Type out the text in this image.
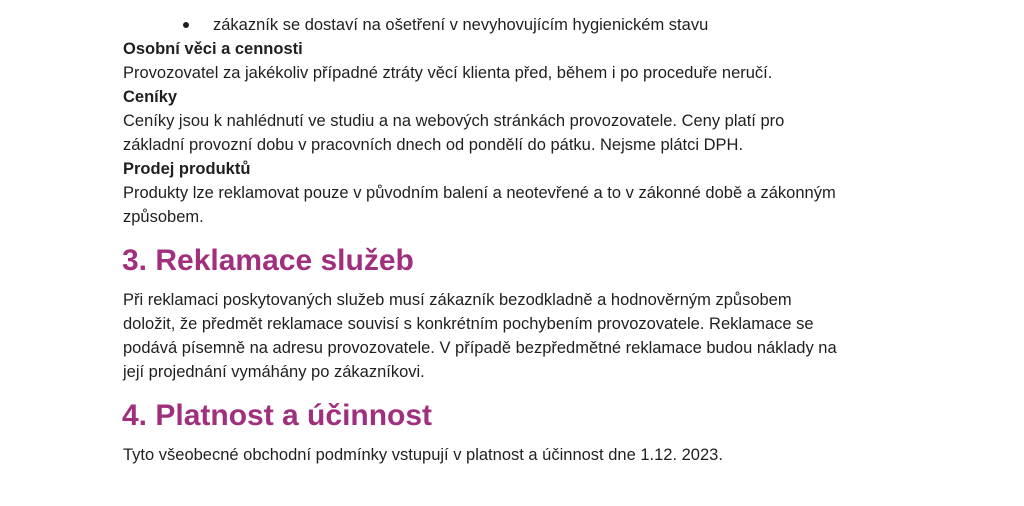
zákazník se dostaví na ošetření v nevyhovujícím hygienickém stavu
Osobní věci a cennosti
Provozovatel za jakékoliv případné ztráty věcí klienta před, během i po proceduře neručí.
Ceníky
Ceníky jsou k nahlédnutí ve studiu a na webových stránkách provozovatele. Ceny platí pro
základní provozní dobu v pracovních dnech od pondělí do pátku. Nejsme plátci DPH.
Prodej produktů
Produkty lze reklamovat pouze v původním balení a neotevřené a to v zákonné době a zákonným
způsobem.
3. Reklamace služeb
Při reklamaci poskytovaných služeb musí zákazník bezodkladně a hodnověrným způsobem
doložit, že předmět reklamace souvisí s konkrétním pochybením provozovatele. Reklamace se
podává písemně na adresu provozovatele. V případě bezpředmětné reklamace budou náklady na
její projednání vymáhány po zákazníkovi.
4. Platnost a účinnost
Tyto všeobecné obchodní podmínky vstupují v platnost a účinnost dne 1.12. 2023.
